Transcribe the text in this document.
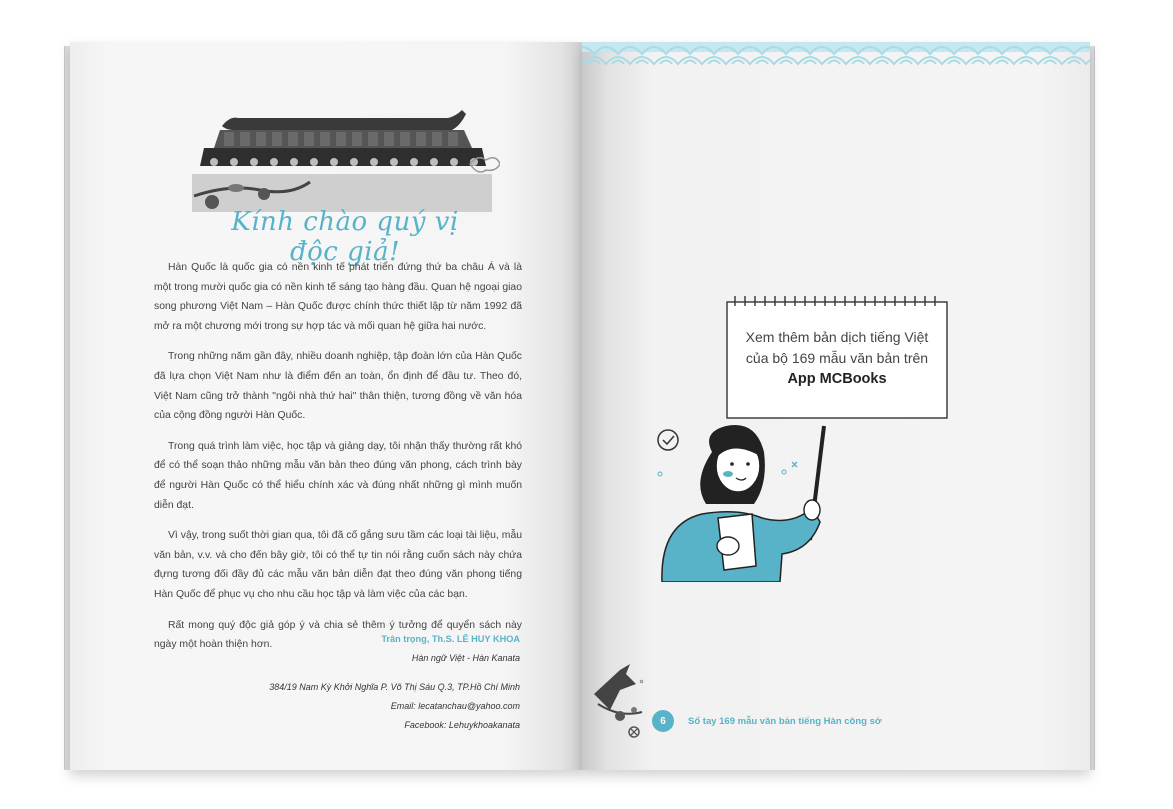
Kính chào quý vị độc giả!

Hàn Quốc là quốc gia có nền kinh tế phát triển đứng thứ ba châu Á và là một trong mười quốc gia có nền kinh tế sáng tạo hàng đầu. Quan hệ ngoại giao song phương Việt Nam – Hàn Quốc được chính thức thiết lập từ năm 1992 đã mở ra một chương mới trong sự hợp tác và mối quan hệ giữa hai nước.

Trong những năm gần đây, nhiều doanh nghiệp, tập đoàn lớn của Hàn Quốc đã lựa chọn Việt Nam như là điểm đến an toàn, ổn định để đầu tư. Theo đó, Việt Nam cũng trở thành "ngôi nhà thứ hai" thân thiện, tương đồng về văn hóa của cộng đồng người Hàn Quốc.

Trong quá trình làm việc, học tập và giảng dạy, tôi nhận thấy thường rất khó để có thể soạn thảo những mẫu văn bản theo đúng văn phong, cách trình bày để người Hàn Quốc có thể hiểu chính xác và đúng nhất những gì mình muốn diễn đạt.

Vì vậy, trong suốt thời gian qua, tôi đã cố gắng sưu tầm các loại tài liệu, mẫu văn bản, v.v. và cho đến bây giờ, tôi có thể tự tin nói rằng cuốn sách này chứa đựng tương đối đầy đủ các mẫu văn bản diễn đạt theo đúng văn phong tiếng Hàn Quốc để phục vụ cho nhu cầu học tập và làm việc của các bạn.

Rất mong quý độc giả góp ý và chia sẻ thêm ý tưởng để quyển sách này ngày một hoàn thiện hơn.

Trân trọng, Th.S. LÊ HUY KHOA
Hàn ngữ Việt - Hàn Kanata
384/19 Nam Kỳ Khởi Nghĩa P. Võ Thị Sáu Q.3, TP.Hồ Chí Minh
Email: lecatanchau@yahoo.com
Facebook: Lehuykhoakanata
Xem thêm bản dịch tiếng Việt
của bộ 169 mẫu văn bản trên
App MCBooks
6	Sổ tay 169 mẫu văn bản tiếng Hàn công sở
